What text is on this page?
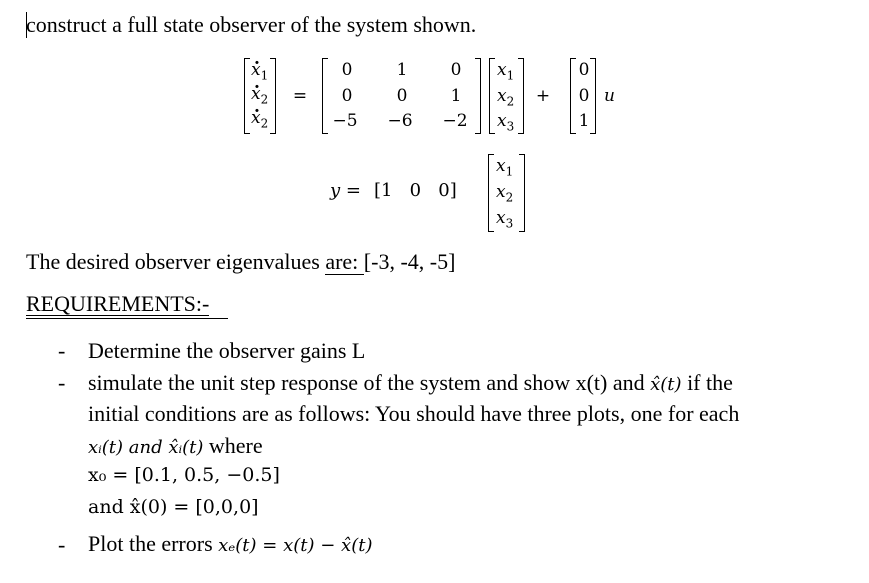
construct a full state observer of the system shown.
. $x_1$
. $x_2$
. $x_2$
=
0	1	0
0	0	1
−5 −6 −2
$x_1$
$x_2$
$x_3$
+
0
0
1
u
y = [1   0   0]
$x_1$
$x_2$
$x_3$
The desired observer eigenvalues are: [-3, -4, -5]
REQUIREMENTS:-
- Determine the observer gains L
- simulate the unit step response of the system and show x(t) and x̂(t) if the
initial conditions are as follows: You should have three plots, one for each
xᵢ(t) and x̂ᵢ(t) where
x₀ = [0.1, 0.5, −0.5]
and x̂(0) = [0,0,0]
- Plot the errors xₑ(t) = x(t) − x̂(t)
